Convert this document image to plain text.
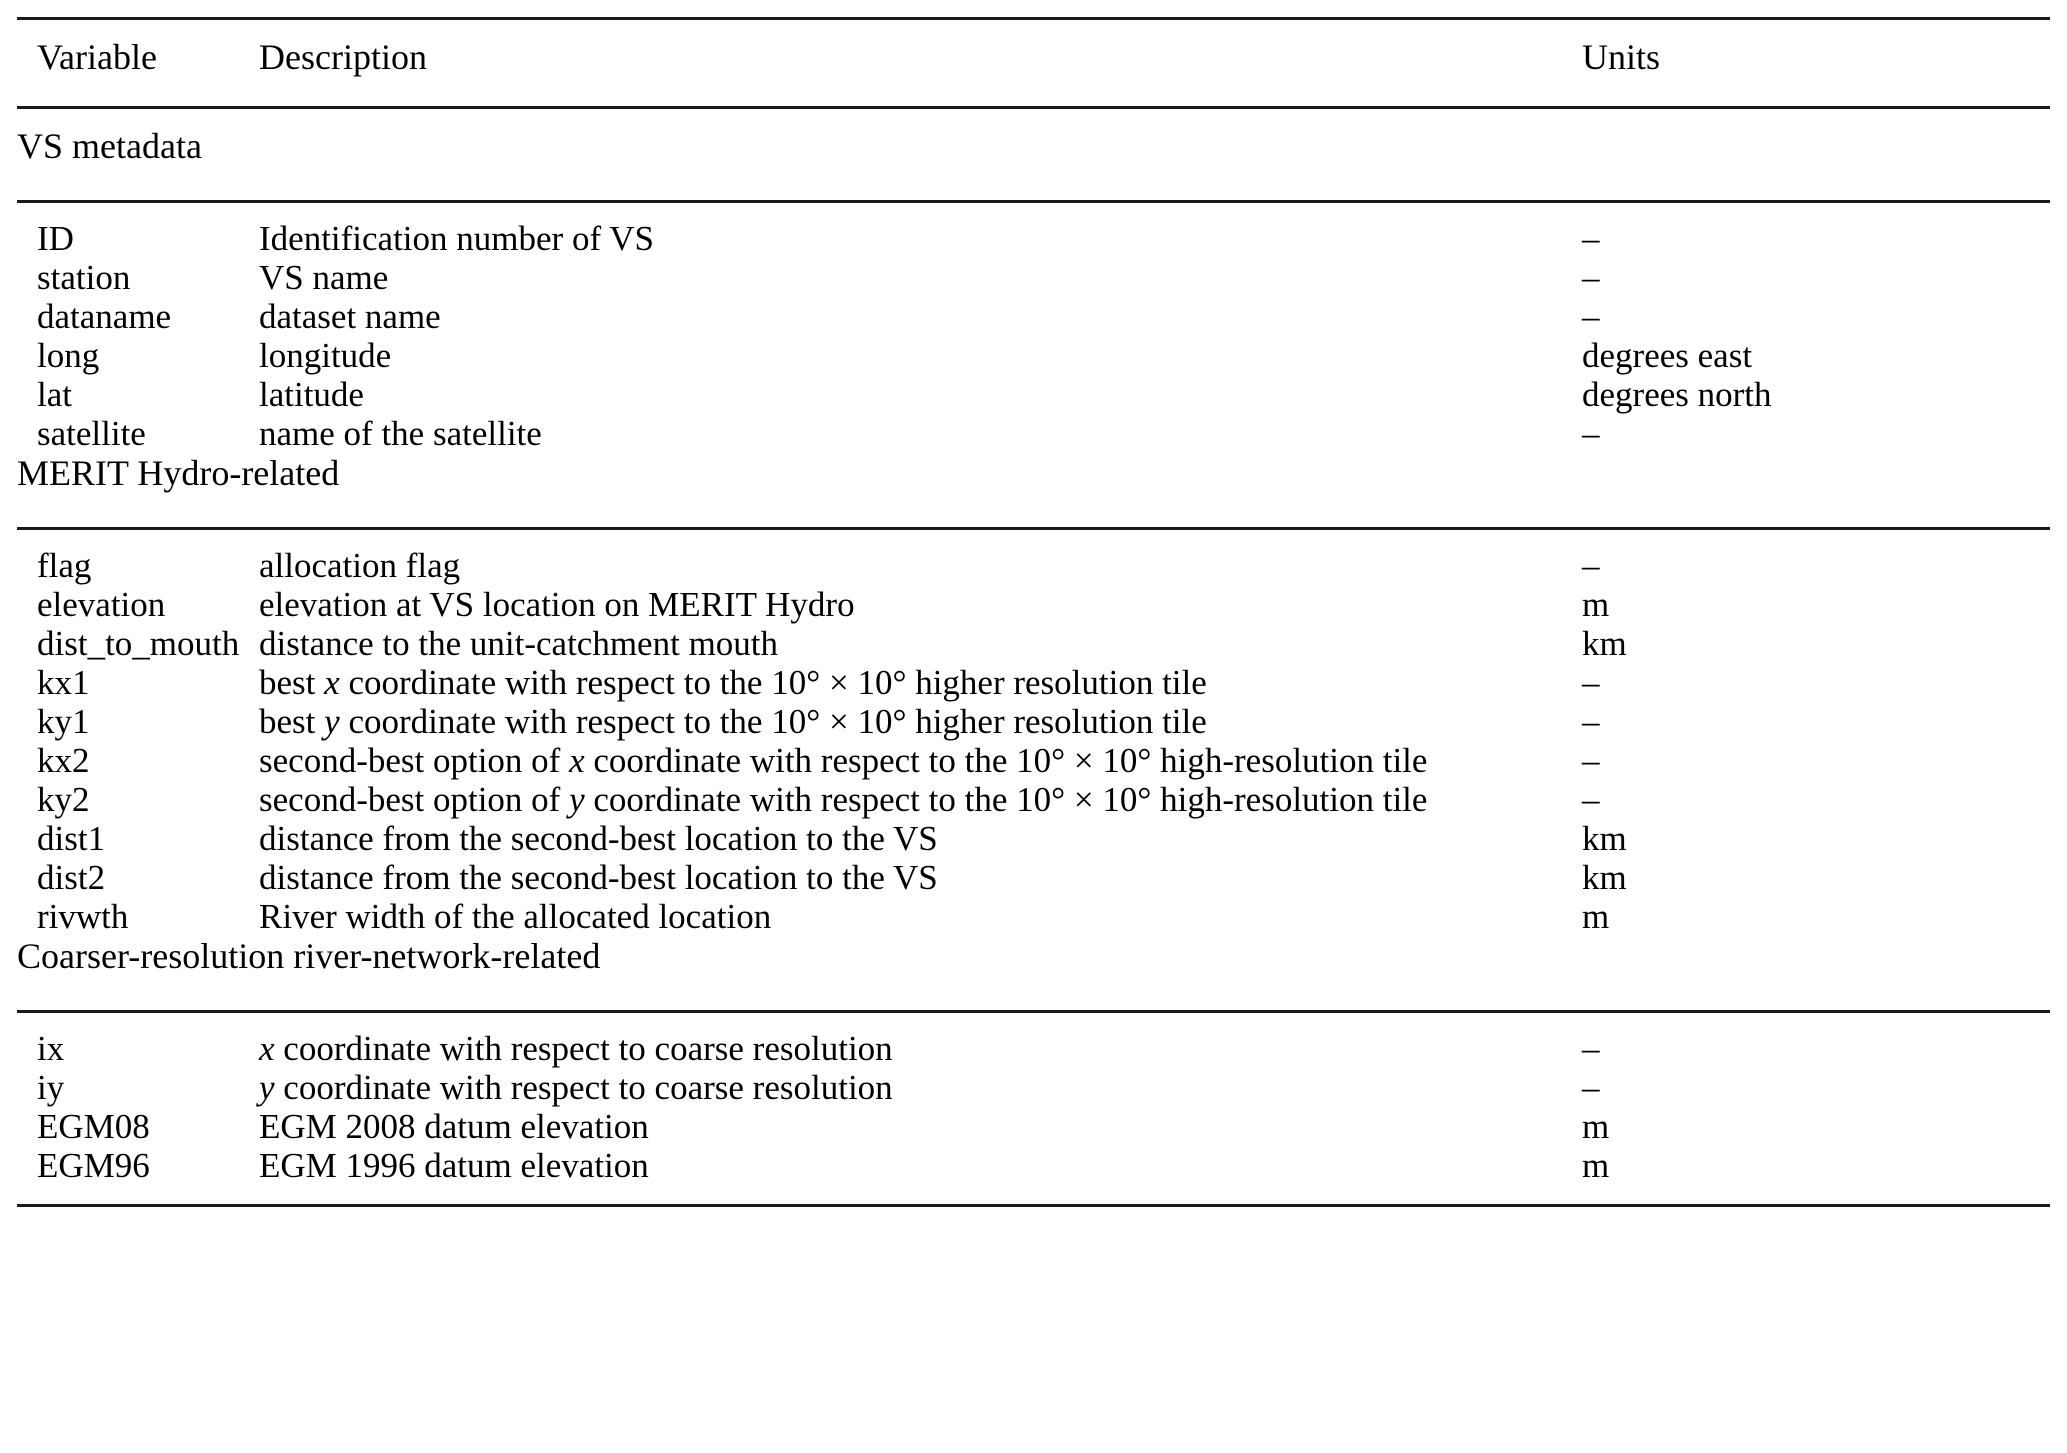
Variable	Description	Units

VS metadata		

ID	Identification number of VS	–
station	VS name	–
dataname	dataset name	–
long	longitude	degrees east
lat	latitude	degrees north
satellite	name of the satellite	–
MERIT Hydro-related		

flag	allocation flag	–
elevation	elevation at VS location on MERIT Hydro	m
dist_to_mouth	distance to the unit-catchment mouth	km
kx1	best x coordinate with respect to the 10° × 10° higher resolution tile	–
ky1	best y coordinate with respect to the 10° × 10° higher resolution tile	–
kx2	second-best option of x coordinate with respect to the 10° × 10° high-resolution tile	–
ky2	second-best option of y coordinate with respect to the 10° × 10° high-resolution tile	–
dist1	distance from the second-best location to the VS	km
dist2	distance from the second-best location to the VS	km
rivwth	River width of the allocated location	m
Coarser-resolution river-network-related		

ix	x coordinate with respect to coarse resolution	–
iy	y coordinate with respect to coarse resolution	–
EGM08	EGM 2008 datum elevation	m
EGM96	EGM 1996 datum elevation	m
